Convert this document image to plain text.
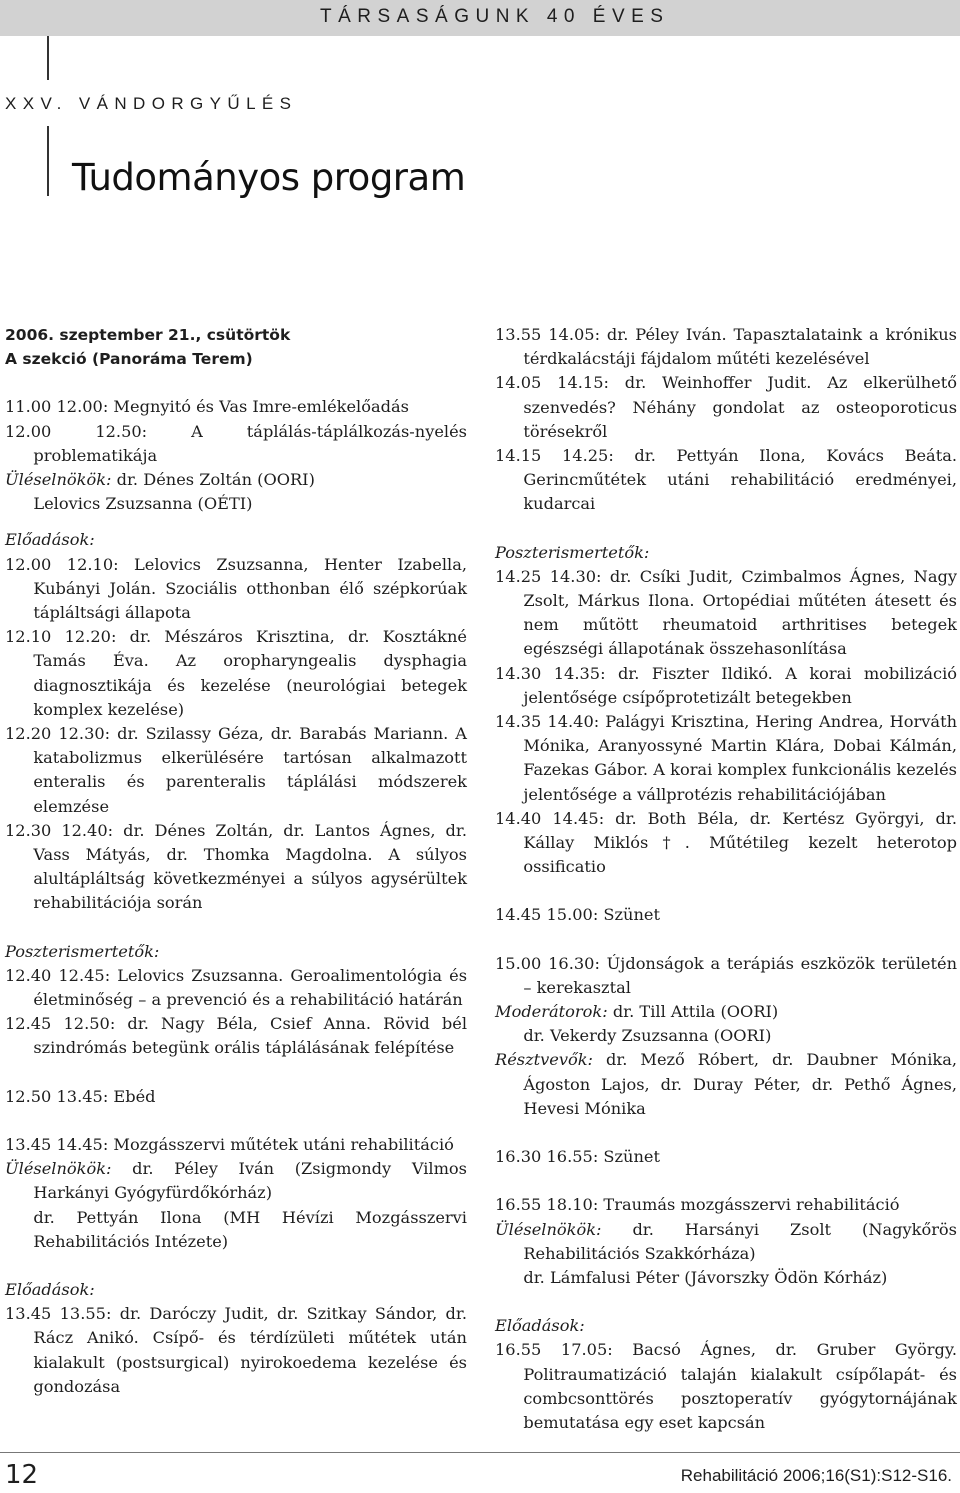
TÁRSASÁGUNK 40 ÉVES
XXV. VÁNDORGYŰLÉS
Tudományos program

2006. szeptember 21., csütörtök

A szekció (Panoráma Terem)

11.00 12.00: Megnyitó és Vas Imre-emlékelőadás

12.00 12.50: A táplálás-táplálkozás-nyelés problematikája

Üléselnökök: dr. Dénes Zoltán (OORI)

Lelovics Zsuzsanna (OÉTI)

Előadások:

12.00 12.10: Lelovics Zsuzsanna, Henter Izabella, Kubányi Jolán. Szociális otthonban élő szépkorúak tápláltsági állapota

12.10 12.20: dr. Mészáros Krisztina, dr. Kosztákné Tamás Éva. Az oropharyngealis dysphagia diagnosztikája és kezelése (neurológiai betegek komplex kezelése)

12.20 12.30: dr. Szilassy Géza, dr. Barabás Mariann. A katabolizmus elkerülésére tartósan alkalmazott enteralis és parenteralis táplálási módszerek elemzése

12.30 12.40: dr. Dénes Zoltán, dr. Lantos Ágnes, dr. Vass Mátyás, dr. Thomka Magdolna. A súlyos alultápláltság következményei a súlyos agysérültek rehabilitációja során

Poszterismertetők:

12.40 12.45: Lelovics Zsuzsanna. Geroalimentológia és életminőség – a prevenció és a rehabilitáció határán

12.45 12.50: dr. Nagy Béla, Csief Anna. Rövid bél szindrómás betegünk orális táplálásának felépítése

12.50 13.45: Ebéd

13.45 14.45: Mozgásszervi műtétek utáni rehabilitáció

Üléselnökök: dr. Péley Iván (Zsigmondy Vilmos Harkányi Gyógyfürdőkórház)

dr. Pettyán Ilona (MH Hévízi Mozgásszervi Rehabilitációs Intézete)

Előadások:

13.45 13.55: dr. Daróczy Judit, dr. Szitkay Sándor, dr. Rácz Anikó. Csípő- és térdízületi műtétek után kialakult (postsurgical) nyirokoedema kezelése és gondozása

13.55 14.05: dr. Péley Iván. Tapasztalataink a krónikus térdkalácstáji fájdalom műtéti kezelésével

14.05 14.15: dr. Weinhoffer Judit. Az elkerülhető szenvedés? Néhány gondolat az osteoporoticus törésekről

14.15 14.25: dr. Pettyán Ilona, Kovács Beáta. Gerincműtétek utáni rehabilitáció eredményei, kudarcai

Poszterismertetők:

14.25 14.30: dr. Csíki Judit, Czimbalmos Ágnes, Nagy Zsolt, Márkus Ilona. Ortopédiai műtéten átesett és nem műtött rheumatoid arthritises betegek egészségi állapotának összehasonlítása

14.30 14.35: dr. Fiszter Ildikó. A korai mobilizáció jelentősége csípőprotetizált betegekben

14.35 14.40: Palágyi Krisztina, Hering Andrea, Horváth Mónika, Aranyossyné Martin Klára, Dobai Kálmán, Fazekas Gábor. A korai komplex funkcionális kezelés jelentősége a vállprotézis rehabilitációjában

14.40 14.45: dr. Both Béla, dr. Kertész Györgyi, dr. Kállay Miklós†. Műtétileg kezelt heterotop ossificatio

14.45 15.00: Szünet

15.00 16.30: Újdonságok a terápiás eszközök területén – kerekasztal

Moderátorok: dr. Till Attila (OORI)

dr. Vekerdy Zsuzsanna (OORI)

Résztvevők: dr. Mező Róbert, dr. Daubner Mónika, Ágoston Lajos, dr. Duray Péter, dr. Pethő Ágnes, Hevesi Mónika

16.30 16.55: Szünet

16.55 18.10: Traumás mozgásszervi rehabilitáció

Üléselnökök: dr. Harsányi Zsolt (Nagykőrös Rehabilitációs Szakkórháza)

dr. Lámfalusi Péter (Jávorszky Ödön Kórház)

Előadások:

16.55 17.05: Bacsó Ágnes, dr. Gruber György. Politraumatizáció talaján kialakult csípőlapát- és combcsonttörés posztoperatív gyógytornájának bemutatása egy eset kapcsán

12	Rehabilitáció 2006;16(S1):S12-S16.
